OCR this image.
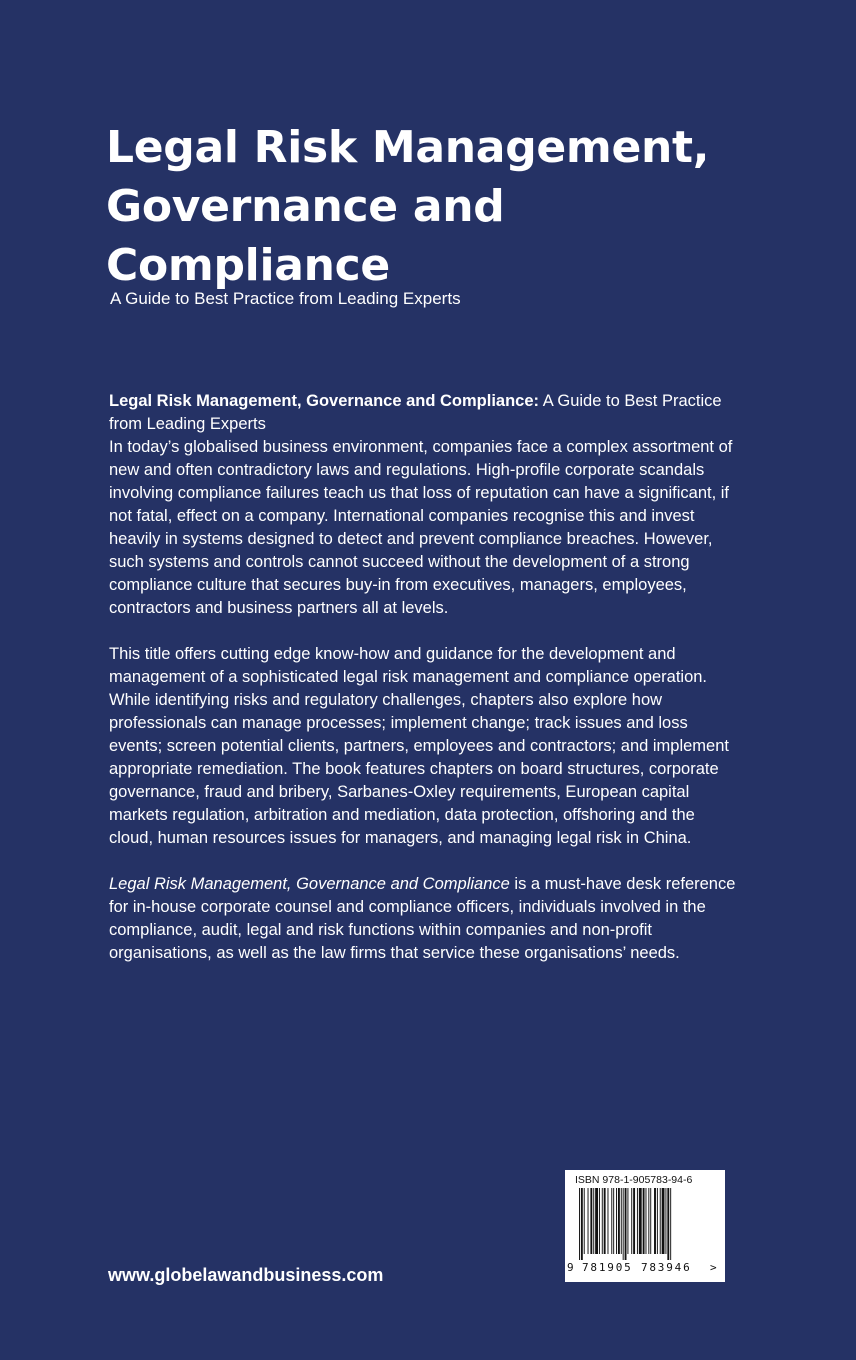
Legal Risk Management,
Governance and
Compliance

A Guide to Best Practice from Leading Experts

Legal Risk Management, Governance and Compliance: A Guide to Best Practice from Leading Experts

In today’s globalised business environment, companies face a complex assortment of new and often contradictory laws and regulations. High-profile corporate scandals involving compliance failures teach us that loss of reputation can have a significant, if not fatal, effect on a company. International companies recognise this and invest heavily in systems designed to detect and prevent compliance breaches. However, such systems and controls cannot succeed without the development of a strong compliance culture that secures buy-in from executives, managers, employees, contractors and business partners all at levels.

This title offers cutting edge know-how and guidance for the development and management of a sophisticated legal risk management and compliance operation. While identifying risks and regulatory challenges, chapters also explore how professionals can manage processes; implement change; track issues and loss events; screen potential clients, partners, employees and contractors; and implement appropriate remediation. The book features chapters on board structures, corporate governance, fraud and bribery, Sarbanes-Oxley requirements, European capital markets regulation, arbitration and mediation, data protection, offshoring and the cloud, human resources issues for managers, and managing legal risk in China.

Legal Risk Management, Governance and Compliance is a must-have desk reference for in-house corporate counsel and compliance officers, individuals involved in the compliance, audit, legal and risk functions within companies and non-profit organisations, as well as the law firms that service these organisations’ needs.

www.globelawandbusiness.com
ISBN 978-1-905783-94-6
9 781905 783946 >
